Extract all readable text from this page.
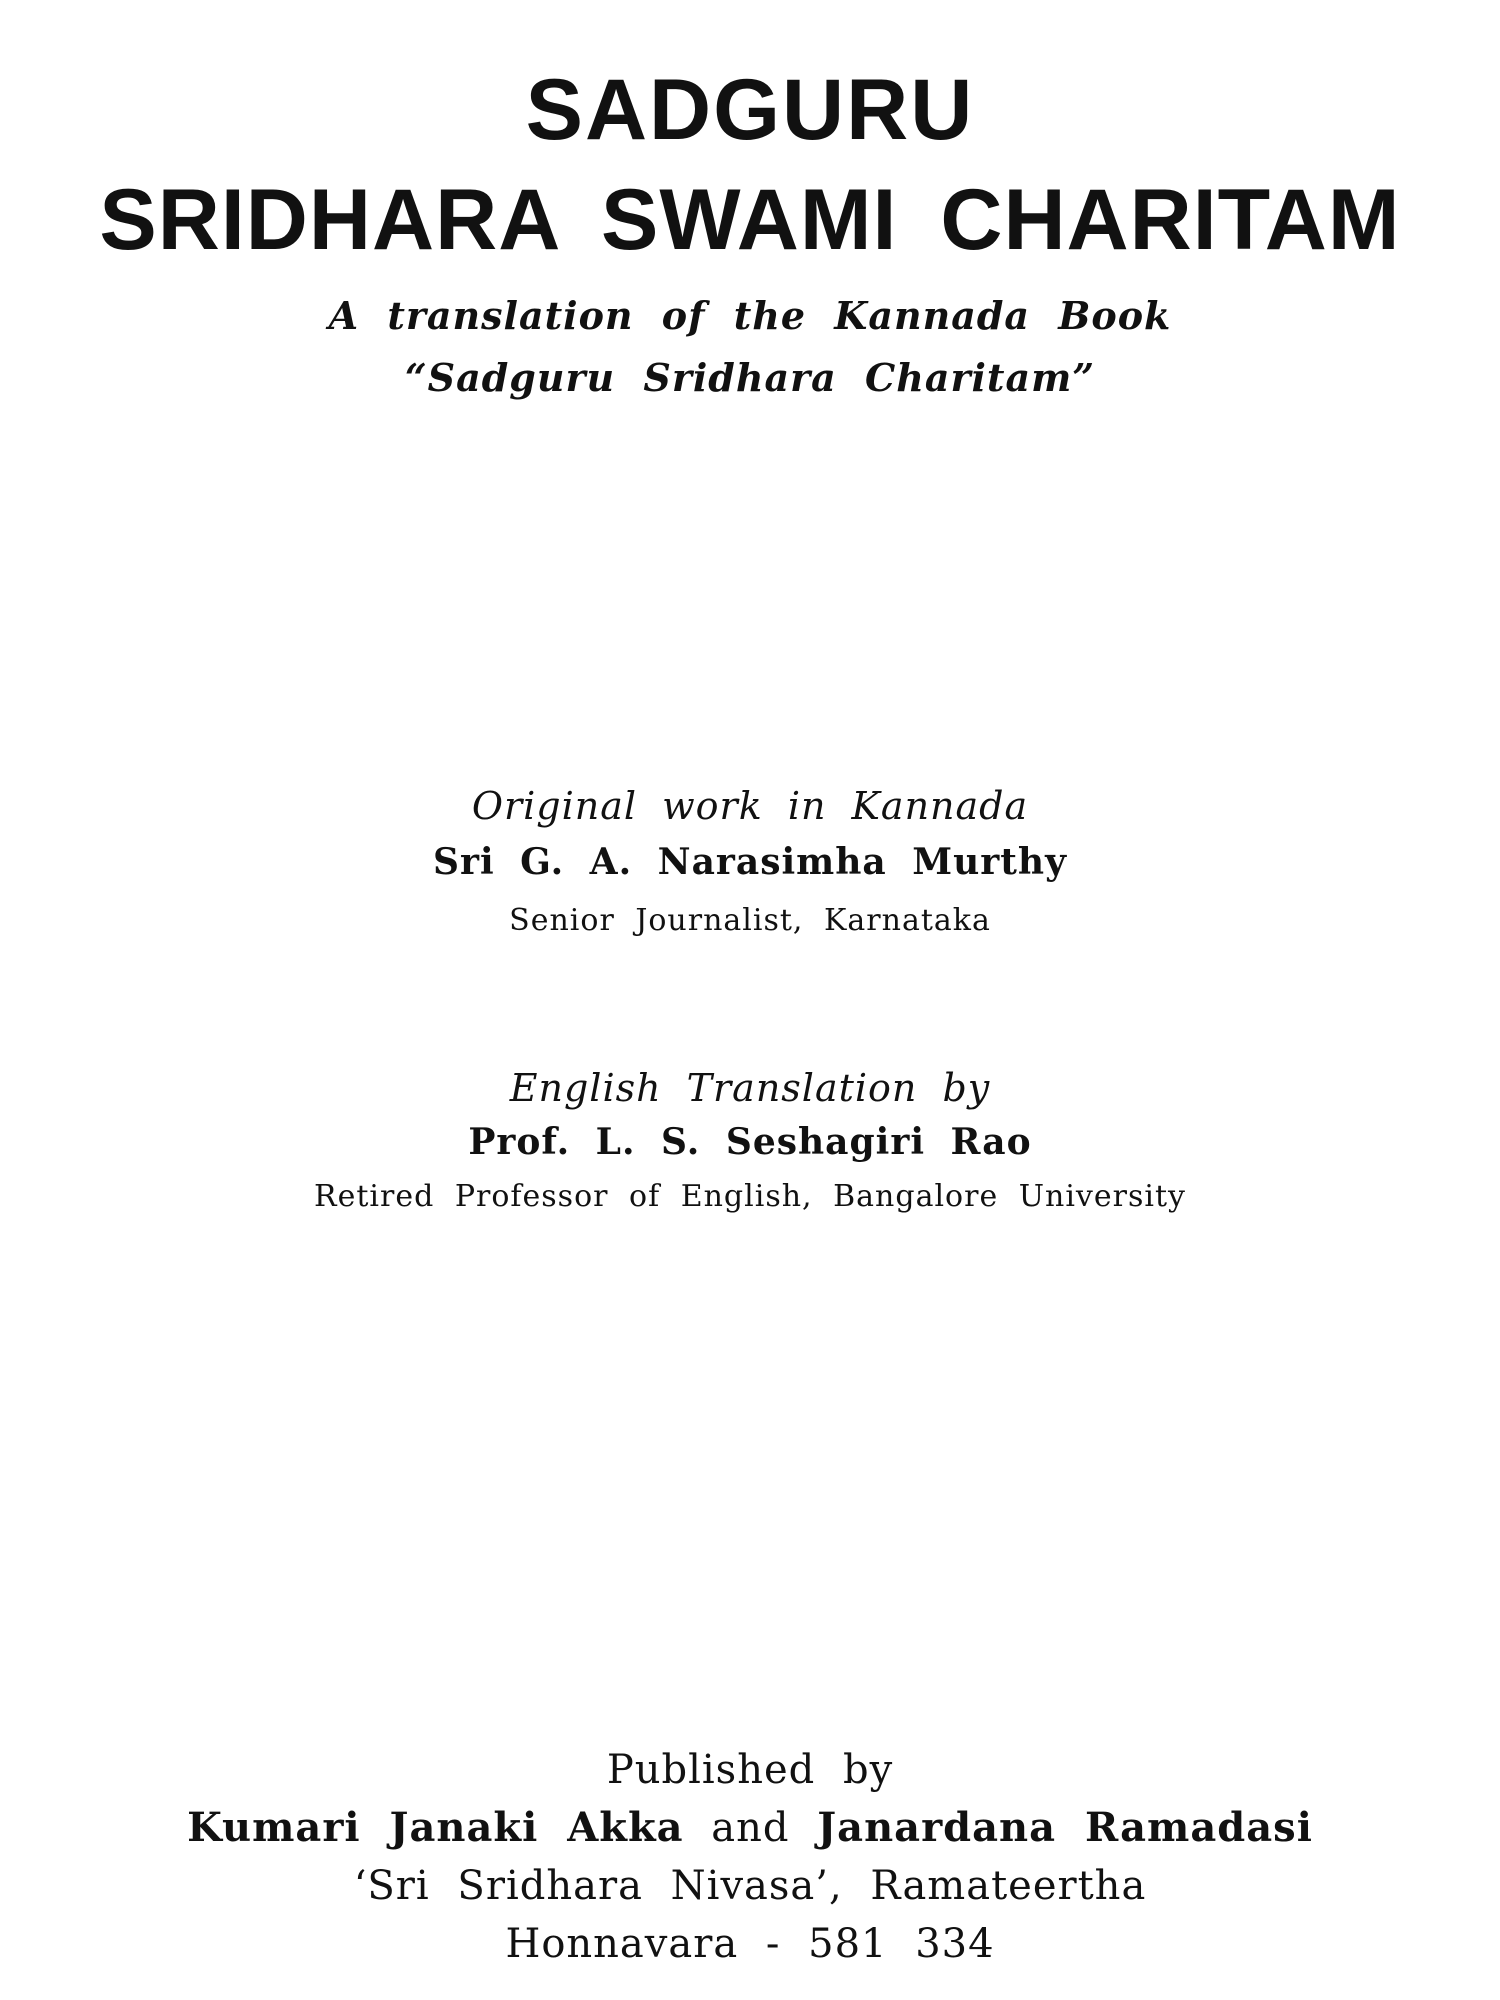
SADGURU
SRIDHARA SWAMI CHARITAM

A translation of the Kannada Book

“Sadguru Sridhara Charitam”

Original work in Kannada

Sri G. A. Narasimha Murthy

Senior Journalist, Karnataka

English Translation by

Prof. L. S. Seshagiri Rao

Retired Professor of English, Bangalore University

Published by

Kumari Janaki Akka and Janardana Ramadasi

‘Sri Sridhara Nivasa’, Ramateertha

Honnavara - 581 334
